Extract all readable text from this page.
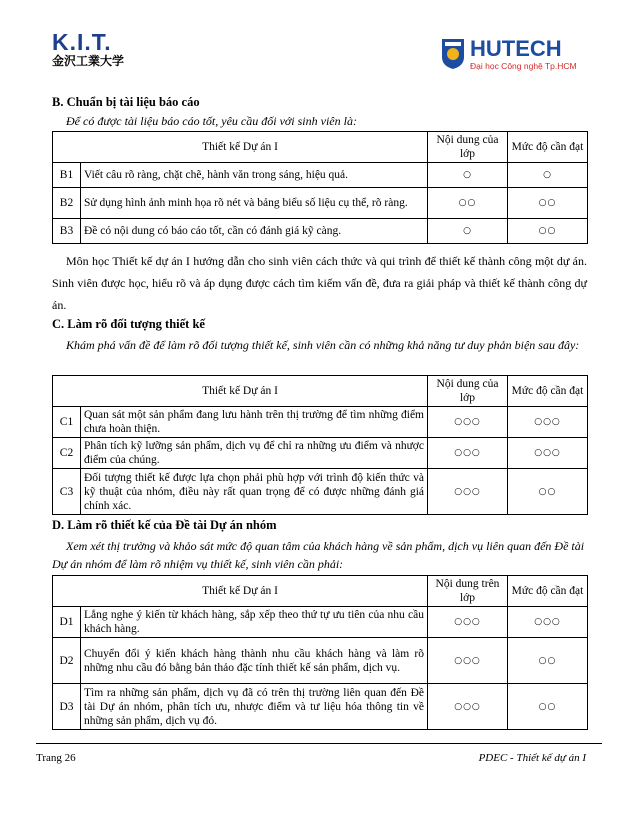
K.I.T.
金沢工業大学	HUTECH
Đại học Công nghệ Tp.HCM
B. Chuẩn bị tài liệu báo cáo
Để có được tài liệu báo cáo tốt, yêu cầu đối với sinh viên là:
Thiết kế Dự án I		Nội dung của lớp	Mức độ cần đạt
B1	Viết câu rõ ràng, chặt chẽ, hành văn trong sáng, hiệu quả.	○	○
B2	Sử dụng hình ảnh minh họa rõ nét và bảng biểu số liệu cụ thể, rõ ràng.	○○	○○
B3	Đề có nội dung có báo cáo tốt, cần có đánh giá kỹ càng.	○	○○
Môn học Thiết kế dự án I hướng dẫn cho sinh viên cách thức và qui trình để thiết kế thành công một dự án. Sinh viên được học, hiểu rõ và áp dụng được cách tìm kiếm vấn đề, đưa ra giải pháp và thiết kế thành công dự án.
C. Làm rõ đối tượng thiết kế
Khám phá vấn đề để làm rõ đối tượng thiết kế, sinh viên cần có những khả năng tư duy phản biện sau đây:
Thiết kế Dự án I		Nội dung của lớp	Mức độ cần đạt
C1	Quan sát một sản phẩm đang lưu hành trên thị trường để tìm những điểm chưa hoàn thiện.	○○○	○○○
C2	Phân tích kỹ lưỡng sản phẩm, dịch vụ để chỉ ra những ưu điểm và nhược điểm của chúng.	○○○	○○○
C3	Đối tượng thiết kế được lựa chọn phải phù hợp với trình độ kiến thức và kỹ thuật của nhóm, điều này rất quan trọng để có được những đánh giá chính xác.	○○○	○○
D. Làm rõ thiết kế của Đề tài Dự án nhóm
Xem xét thị trường và khảo sát mức độ quan tâm của khách hàng về sản phẩm, dịch vụ liên quan đến Đề tài Dự án nhóm để làm rõ nhiệm vụ thiết kế, sinh viên cần phải:
Thiết kế Dự án I		Nội dung trên lớp	Mức độ cần đạt
D1	Lắng nghe ý kiến từ khách hàng, sắp xếp theo thứ tự ưu tiên của nhu cầu khách hàng.	○○○	○○○
D2	Chuyển đổi ý kiến khách hàng thành nhu cầu khách hàng và làm rõ những nhu cầu đó bằng bản thảo đặc tính thiết kế sản phẩm, dịch vụ.	○○○	○○
D3	Tìm ra những sản phẩm, dịch vụ đã có trên thị trường liên quan đến Đề tài Dự án nhóm, phân tích ưu, nhược điểm và tư liệu hóa thông tin về những sản phẩm, dịch vụ đó.	○○○	○○
Trang 26	PDEC - Thiết kế dự án I
